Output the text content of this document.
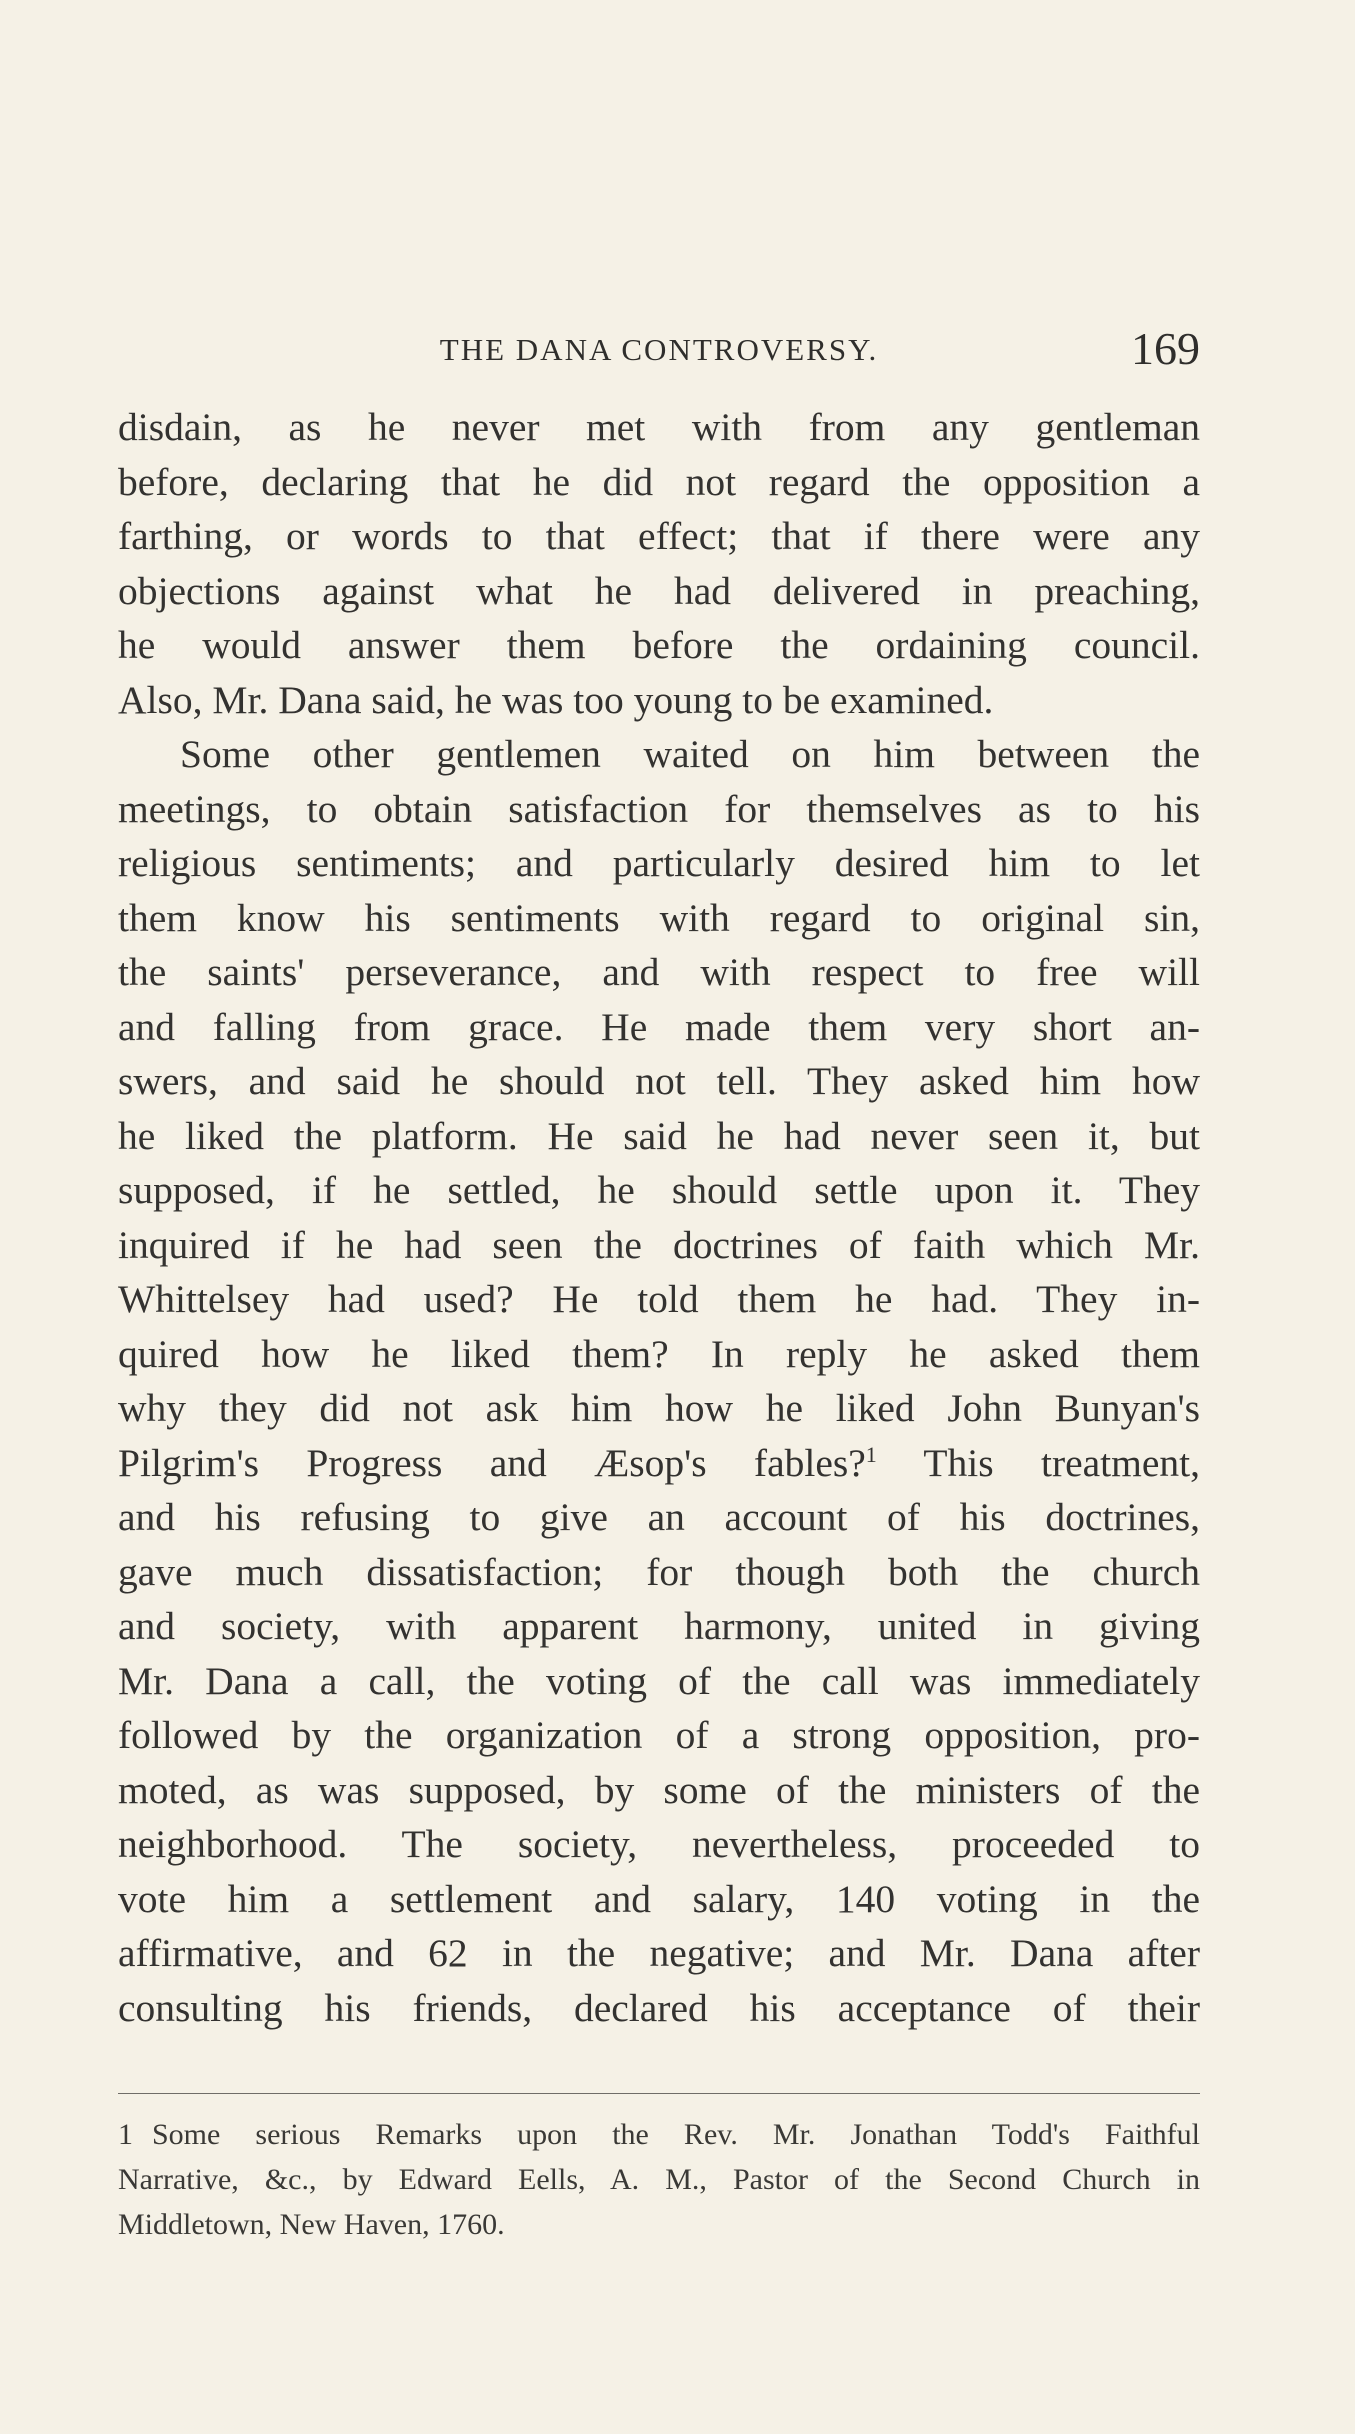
THE DANA CONTROVERSY.	169
disdain, as he never met with from any gentleman
before, declaring that he did not regard the opposition a
farthing, or words to that effect; that if there were any
objections against what he had delivered in preaching,
he would answer them before the ordaining council.
Also, Mr. Dana said, he was too young to be examined.
Some other gentlemen waited on him between the
meetings, to obtain satisfaction for themselves as to his
religious sentiments; and particularly desired him to let
them know his sentiments with regard to original sin,
the saints' perseverance, and with respect to free will
and falling from grace. He made them very short an-
swers, and said he should not tell. They asked him how
he liked the platform. He said he had never seen it, but
supposed, if he settled, he should settle upon it. They
inquired if he had seen the doctrines of faith which Mr.
Whittelsey had used? He told them he had. They in-
quired how he liked them? In reply he asked them
why they did not ask him how he liked John Bunyan's
Pilgrim's Progress and Æsop's fables?$^1$ This treatment,
and his refusing to give an account of his doctrines,
gave much dissatisfaction; for though both the church
and society, with apparent harmony, united in giving
Mr. Dana a call, the voting of the call was immediately
followed by the organization of a strong opposition, pro-
moted, as was supposed, by some of the ministers of the
neighborhood. The society, nevertheless, proceeded to
vote him a settlement and salary, 140 voting in the
affirmative, and 62 in the negative; and Mr. Dana after
consulting his friends, declared his acceptance of their
1 Some serious Remarks upon the Rev. Mr. Jonathan Todd's Faithful
Narrative, &c., by Edward Eells, A. M., Pastor of the Second Church in
Middletown, New Haven, 1760.
